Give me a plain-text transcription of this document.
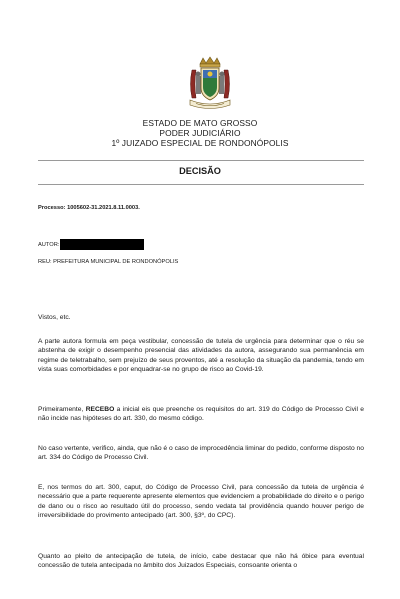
ESTADO DE MATO GROSSO
PODER JUDICIÁRIO
1º JUIZADO ESPECIAL DE RONDONÓPOLIS
DECISÃO
Processo: 1005602-31.2021.8.11.0003.
AUTOR:
REU: PREFEITURA MUNICIPAL DE RONDONÓPOLIS
Vistos, etc.
A parte autora formula em peça vestibular, concessão de tutela de urgência para determinar que o réu se abstenha de exigir o desempenho presencial das atividades da autora, assegurando sua permanência em regime de teletrabalho, sem prejuízo de seus proventos, até a resolução da situação da pandemia, tendo em vista suas comorbidades e por enquadrar-se no grupo de risco ao Covid-19.
Primeiramente, RECEBO a inicial eis que preenche os requisitos do art. 319 do Código de Processo Civil e não incide nas hipóteses do art. 330, do mesmo código.
No caso vertente, verifico, ainda, que não é o caso de improcedência liminar do pedido, conforme disposto no art. 334 do Código de Processo Civil.
E, nos termos do art. 300, caput, do Código de Processo Civil, para concessão da tutela de urgência é necessário que a parte requerente apresente elementos que evidenciem a probabilidade do direito e o perigo de dano ou o risco ao resultado útil do processo, sendo vedata tal providência quando houver perigo de irreversibilidade do provimento antecipado (art. 300, §3º, do CPC).
Quanto ao pleito de antecipação de tutela, de início, cabe destacar que não há óbice para eventual concessão de tutela antecipada no âmbito dos Juizados Especiais, consoante orienta o
